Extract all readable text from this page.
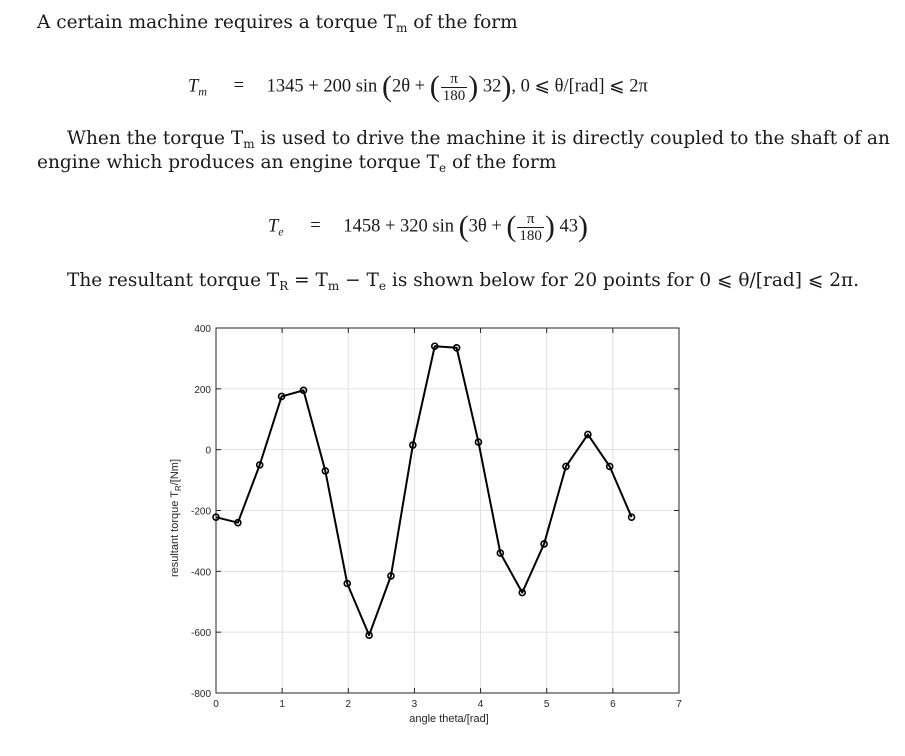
A certain machine requires a torque $T_m$ of the form
$T_m = 1345 + 200$ sin (2θ + ( $\frac{\pi}{180}$ ) 32), 0 ⩽ θ/[rad] ⩽ 2π
When the torque $T_m$ is used to drive the machine it is directly coupled to the shaft of an
engine which produces an engine torque $T_e$ of the form
$T_e = 1458 + 320$ sin (3θ + ( $\frac{\pi}{180}$ ) 43)
The resultant torque $T_R = T_m - T_e$ is shown below for 20 points for 0 ⩽ θ/[rad] ⩽ 2π.
0	1	2	3	4	5	6	7
400
200
0
-200
-400
-600
-800
angle theta/[rad]
resultant torque $T_R/[Nm]$
